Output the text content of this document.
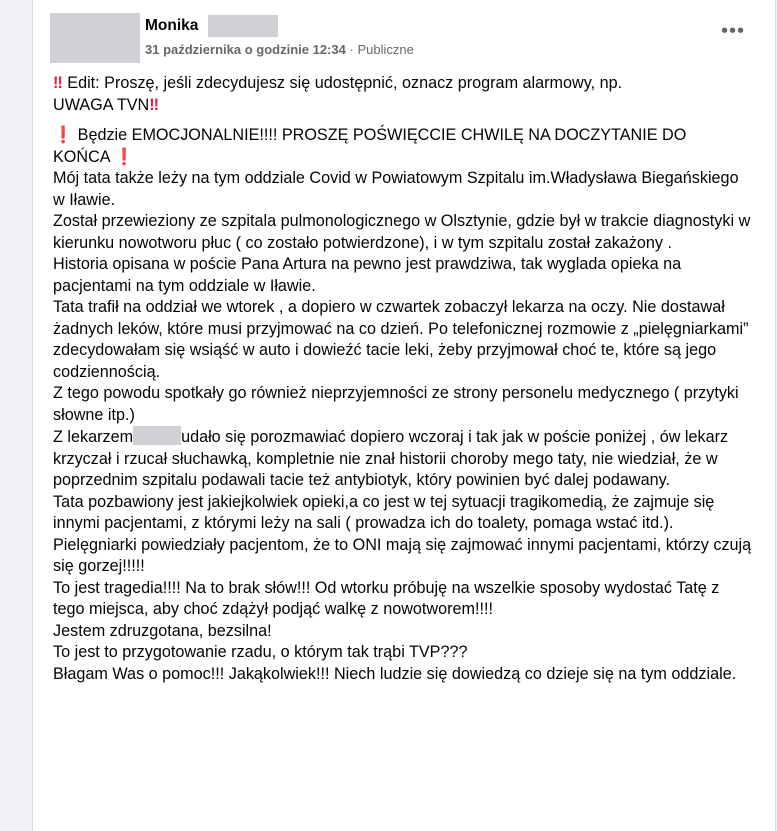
Monika
31 października o godzinie 12:34 · Publiczne
•••

‼ Edit: Proszę, jeśli zdecydujesz się udostępnić, oznacz program alarmowy, np.
UWAGA TVN‼

❗ Będzie EMOCJONALNIE!!!! PROSZĘ POŚWIĘCCIE CHWILĘ NA DOCZYTANIE DO
KOŃCA ❗

Mój tata także leży na tym oddziale Covid w Powiatowym Szpitalu im.Władysława Biegańskiego w Iławie.

Został przewieziony ze szpitala pulmonologicznego w Olsztynie, gdzie był w trakcie diagnostyki w kierunku nowotworu płuc ( co zostało potwierdzone), i w tym szpitalu został zakażony .

Historia opisana w poście Pana Artura na pewno jest prawdziwa, tak wyglada opieka na pacjentami na tym oddziale w Iławie.

Tata trafił na oddział we wtorek , a dopiero w czwartek zobaczył lekarza na oczy. Nie dostawał żadnych leków, które musi przyjmować na co dzień. Po telefonicznej rozmowie z „pielęgniarkami” zdecydowałam się wsiąść w auto i dowieźć tacie leki, żeby przyjmował choć te, które są jego codziennością.

Z tego powodu spotkały go również nieprzyjemności ze strony personelu medycznego ( przytyki słowne itp.)

Z lekarzem	udało się porozmawiać dopiero wczoraj i tak jak w poście poniżej , ów lekarz krzyczał i rzucał słuchawką, kompletnie nie znał historii choroby mego taty, nie wiedział, że w poprzednim szpitalu podawali tacie też antybiotyk, który powinien być dalej podawany.

Tata pozbawiony jest jakiejkolwiek opieki,a co jest w tej sytuacji tragikomedią, że zajmuje się innymi pacjentami, z którymi leży na sali ( prowadza ich do toalety, pomaga wstać itd.). Pielęgniarki powiedziały pacjentom, że to ONI mają się zajmować innymi pacjentami, którzy czują się gorzej!!!!!

To jest tragedia!!!! Na to brak słów!!! Od wtorku próbuję na wszelkie sposoby wydostać Tatę z tego miejsca, aby choć zdążył podjąć walkę z nowotworem!!!!

Jestem zdruzgotana, bezsilna!

To jest to przygotowanie rzadu, o którym tak trąbi TVP???

Błagam Was o pomoc!!! Jakąkolwiek!!! Niech ludzie się dowiedzą co dzieje się na tym oddziale.
